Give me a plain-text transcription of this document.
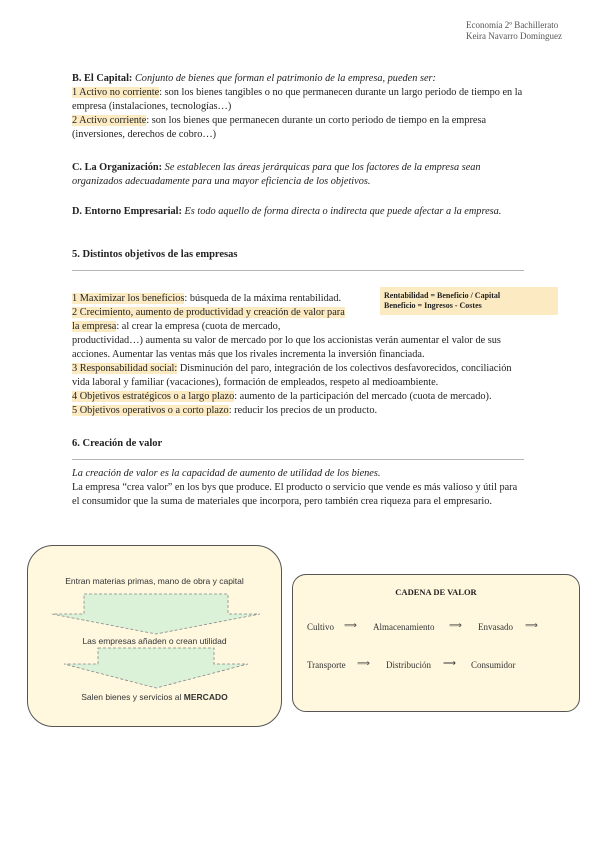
Economía 2º Bachillerato
Keira Navarro Domínguez
B. El Capital: Conjunto de bienes que forman el patrimonio de la empresa, pueden ser:
1 Activo no corriente: son los bienes tangibles o no que permanecen durante un largo periodo de tiempo en la empresa (instalaciones, tecnologías…)
2 Activo corriente: son los bienes que permanecen durante un corto periodo de tiempo en la empresa (inversiones, derechos de cobro…)
C. La Organización: Se establecen las áreas jerárquicas para que los factores de la empresa sean organizados adecuadamente para una mayor eficiencia de los objetivos.
D. Entorno Empresarial: Es todo aquello de forma directa o indirecta que puede afectar a la empresa.
5. Distintos objetivos de las empresas
Rentabilidad = Beneficio / Capital
Beneficio = Ingresos - Costes
1 Maximizar los beneficios: búsqueda de la máxima rentabilidad.
2 Crecimiento, aumento de productividad y creación de valor para
la empresa: al crear la empresa (cuota de mercado,
productividad…) aumenta su valor de mercado por lo que los accionistas verán aumentar el valor de sus acciones. Aumentar las ventas más que los rivales incrementa la inversión financiada.
3 Responsabilidad social: Disminución del paro, integración de los colectivos desfavorecidos, conciliación vida laboral y familiar (vacaciones), formación de empleados, respeto al medioambiente.
4 Objetivos estratégicos o a largo plazo: aumento de la participación del mercado (cuota de mercado).
5 Objetivos operativos o a corto plazo: reducir los precios de un producto.
6. Creación de valor
La creación de valor es la capacidad de aumento de utilidad de los bienes.
La empresa “crea valor” en los bys que produce. El producto o servicio que vende es más valioso y útil para el consumidor que la suma de materiales que incorpora, pero también crea riqueza para el empresario.
Entran materias primas, mano de obra y capital
Las empresas añaden o crean utilidad
Salen bienes y servicios al MERCADO
CADENA DE VALOR
Cultivo ⟹ Almacenamiento ⟹ Envasado ⟹
Transporte ⟹ Distribución ⟶ Consumidor
